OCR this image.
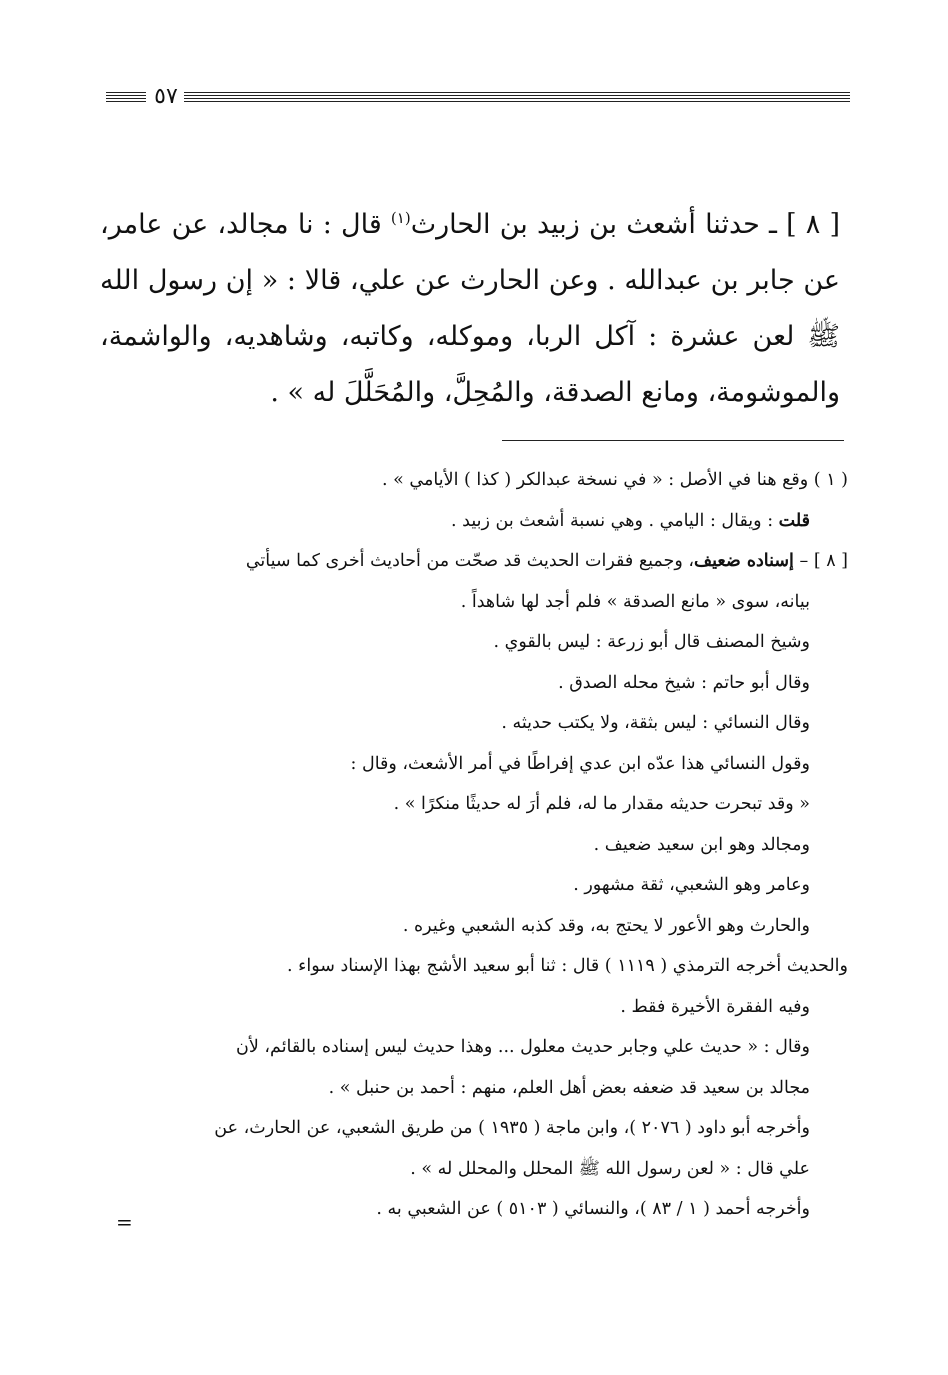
٥٧
[ ٨ ] ـ حدثنا أشعث بن زبيد بن الحارث$^{(١)}$ قال : نا مجالد، عن عامر، عن جابر بن عبدالله . وعن الحارث عن علي، قالا : « إن رسول الله ﷺ لعن عشرة : آكل الربا، وموكله، وكاتبه، وشاهديه، والواشمة، والموشومة، ومانع الصدقة، والمُحِلَّ، والمُحَلَّلَ له » .
( ١ ) وقع هنا في الأصل : « في نسخة عبدالكر ( كذا ) الأيامي » .
قلت : ويقال : اليامي . وهي نسبة أشعث بن زبيد .
[ ٨ ] – إسناده ضعيف، وجميع فقرات الحديث قد صحّت من أحاديث أخرى كما سيأتي
بيانه، سوى « مانع الصدقة » فلم أجد لها شاهداً .
وشيخ المصنف قال أبو زرعة : ليس بالقوي .
وقال أبو حاتم : شيخ محله الصدق .
وقال النسائي : ليس بثقة، ولا يكتب حديثه .
وقول النسائي هذا عدّه ابن عدي إفراطًا في أمر الأشعث، وقال :
« وقد تبحرت حديثه مقدار ما له، فلم أرَ له حديثًا منكرًا » .
ومجالد وهو ابن سعيد ضعيف .
وعامر وهو الشعبي، ثقة مشهور .
والحارث وهو الأعور لا يحتج به، وقد كذبه الشعبي وغيره .
والحديث أخرجه الترمذي ( ١١١٩ ) قال : ثنا أبو سعيد الأشج بهذا الإسناد سواء .
وفيه الفقرة الأخيرة فقط .
وقال : « حديث علي وجابر حديث معلول ... وهذا حديث ليس إسناده بالقائم، لأن
مجالد بن سعيد قد ضعفه بعض أهل العلم، منهم : أحمد بن حنبل » .
وأخرجه أبو داود ( ٢٠٧٦ )، وابن ماجة ( ١٩٣٥ ) من طريق الشعبي، عن الحارث، عن
علي قال : « لعن رسول الله ﷺ المحلل والمحلل له » .
وأخرجه أحمد ( ١ / ٨٣ )، والنسائي ( ٥١٠٣ ) عن الشعبي به .
=
